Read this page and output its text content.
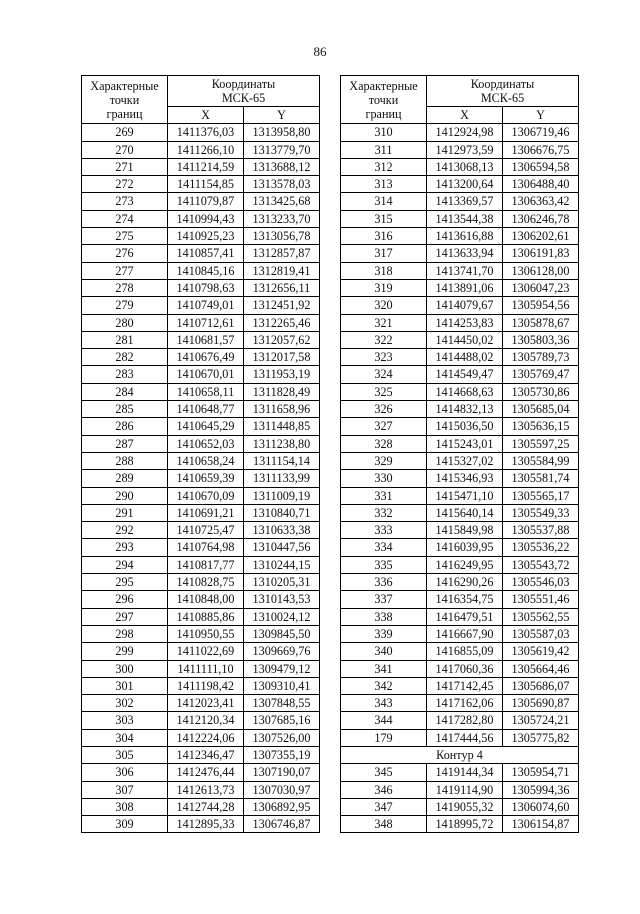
86
Характерные
точки
границ	Координаты
МСК-65	
	X	Y
269	1411376,03	1313958,80
270	1411266,10	1313779,70
271	1411214,59	1313688,12
272	1411154,85	1313578,03
273	1411079,87	1313425,68
274	1410994,43	1313233,70
275	1410925,23	1313056,78
276	1410857,41	1312857,87
277	1410845,16	1312819,41
278	1410798,63	1312656,11
279	1410749,01	1312451,92
280	1410712,61	1312265,46
281	1410681,57	1312057,62
282	1410676,49	1312017,58
283	1410670,01	1311953,19
284	1410658,11	1311828,49
285	1410648,77	1311658,96
286	1410645,29	1311448,85
287	1410652,03	1311238,80
288	1410658,24	1311154,14
289	1410659,39	1311133,99
290	1410670,09	1311009,19
291	1410691,21	1310840,71
292	1410725,47	1310633,38
293	1410764,98	1310447,56
294	1410817,77	1310244,15
295	1410828,75	1310205,31
296	1410848,00	1310143,53
297	1410885,86	1310024,12
298	1410950,55	1309845,50
299	1411022,69	1309669,76
300	1411111,10	1309479,12
301	1411198,42	1309310,41
302	1412023,41	1307848,55
303	1412120,34	1307685,16
304	1412224,06	1307526,00
305	1412346,47	1307355,19
306	1412476,44	1307190,07
307	1412613,73	1307030,97
308	1412744,28	1306892,95
309	1412895,33	1306746,87
Характерные
точки
границ	Координаты
МСК-65	
	X	Y
310	1412924,98	1306719,46
311	1412973,59	1306676,75
312	1413068,13	1306594,58
313	1413200,64	1306488,40
314	1413369,57	1306363,42
315	1413544,38	1306246,78
316	1413616,88	1306202,61
317	1413633,94	1306191,83
318	1413741,70	1306128,00
319	1413891,06	1306047,23
320	1414079,67	1305954,56
321	1414253,83	1305878,67
322	1414450,02	1305803,36
323	1414488,02	1305789,73
324	1414549,47	1305769,47
325	1414668,63	1305730,86
326	1414832,13	1305685,04
327	1415036,50	1305636,15
328	1415243,01	1305597,25
329	1415327,02	1305584,99
330	1415346,93	1305581,74
331	1415471,10	1305565,17
332	1415640,14	1305549,33
333	1415849,98	1305537,88
334	1416039,95	1305536,22
335	1416249,95	1305543,72
336	1416290,26	1305546,03
337	1416354,75	1305551,46
338	1416479,51	1305562,55
339	1416667,90	1305587,03
340	1416855,09	1305619,42
341	1417060,36	1305664,46
342	1417142,45	1305686,07
343	1417162,06	1305690,87
344	1417282,80	1305724,21
179	1417444,56	1305775,82
Контур 4		
345	1419144,34	1305954,71
346	1419114,90	1305994,36
347	1419055,32	1306074,60
348	1418995,72	1306154,87
